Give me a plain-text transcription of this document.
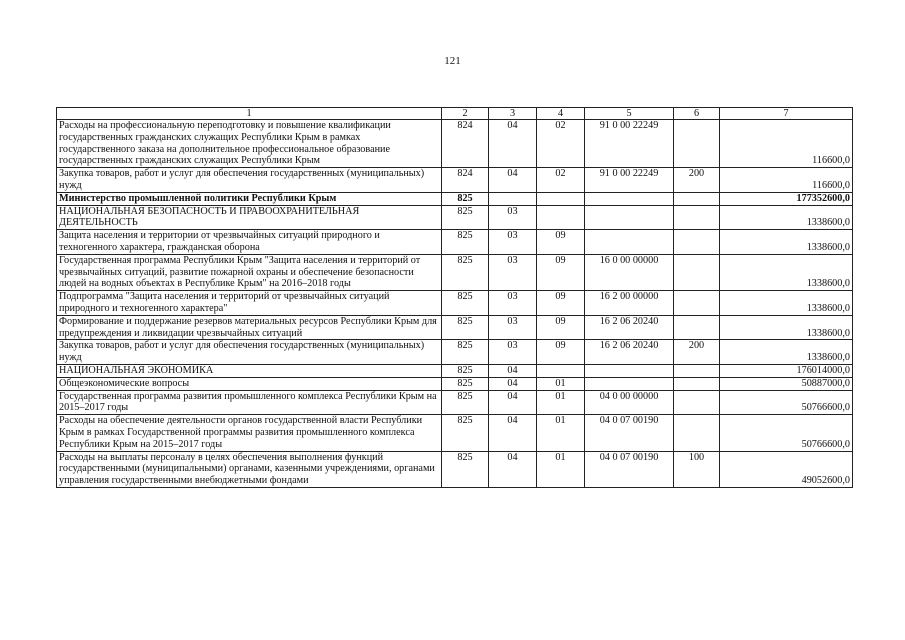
121
1	2	3	4	5	6	7
Расходы на профессиональную переподготовку и повышение квалификации государственных гражданских служащих Республики Крым в рамках государственного заказа на дополнительное профессиональное образование государственных гражданских служащих Республики Крым	824	04	02	91 0 00 22249		116600,0
Закупка товаров, работ и услуг для обеспечения государственных (муниципальных) нужд	824	04	02	91 0 00 22249	200	116600,0
Министерство промышленной политики Республики Крым	825					177352600,0
НАЦИОНАЛЬНАЯ БЕЗОПАСНОСТЬ И ПРАВООХРАНИТЕЛЬНАЯ ДЕЯТЕЛЬНОСТЬ	825	03				1338600,0
Защита населения и территории от чрезвычайных ситуаций природного и техногенного характера, гражданская оборона	825	03	09			1338600,0
Государственная программа Республики Крым "Защита населения и территорий от чрезвычайных ситуаций, развитие пожарной охраны и обеспечение безопасности людей на водных объектах в Республике Крым" на 2016–2018 годы	825	03	09	16 0 00 00000		1338600,0
Подпрограмма "Защита населения и территорий от чрезвычайных ситуаций природного и техногенного характера"	825	03	09	16 2 00 00000		1338600,0
Формирование и поддержание резервов материальных ресурсов Республики Крым для предупреждения и ликвидации чрезвычайных ситуаций	825	03	09	16 2 06 20240		1338600,0
Закупка товаров, работ и услуг для обеспечения государственных (муниципальных) нужд	825	03	09	16 2 06 20240	200	1338600,0
НАЦИОНАЛЬНАЯ ЭКОНОМИКА	825	04				176014000,0
Общеэкономические вопросы	825	04	01			50887000,0
Государственная программа развития промышленного комплекса Республики Крым на 2015–2017 годы	825	04	01	04 0 00 00000		50766600,0
Расходы на обеспечение деятельности органов государственной власти Республики Крым в рамках Государственной программы развития промышленного комплекса Республики Крым на 2015–2017 годы	825	04	01	04 0 07 00190		50766600,0
Расходы на выплаты персоналу в целях обеспечения выполнения функций государственными (муниципальными) органами, казенными учреждениями, органами управления государственными внебюджетными фондами	825	04	01	04 0 07 00190	100	49052600,0
